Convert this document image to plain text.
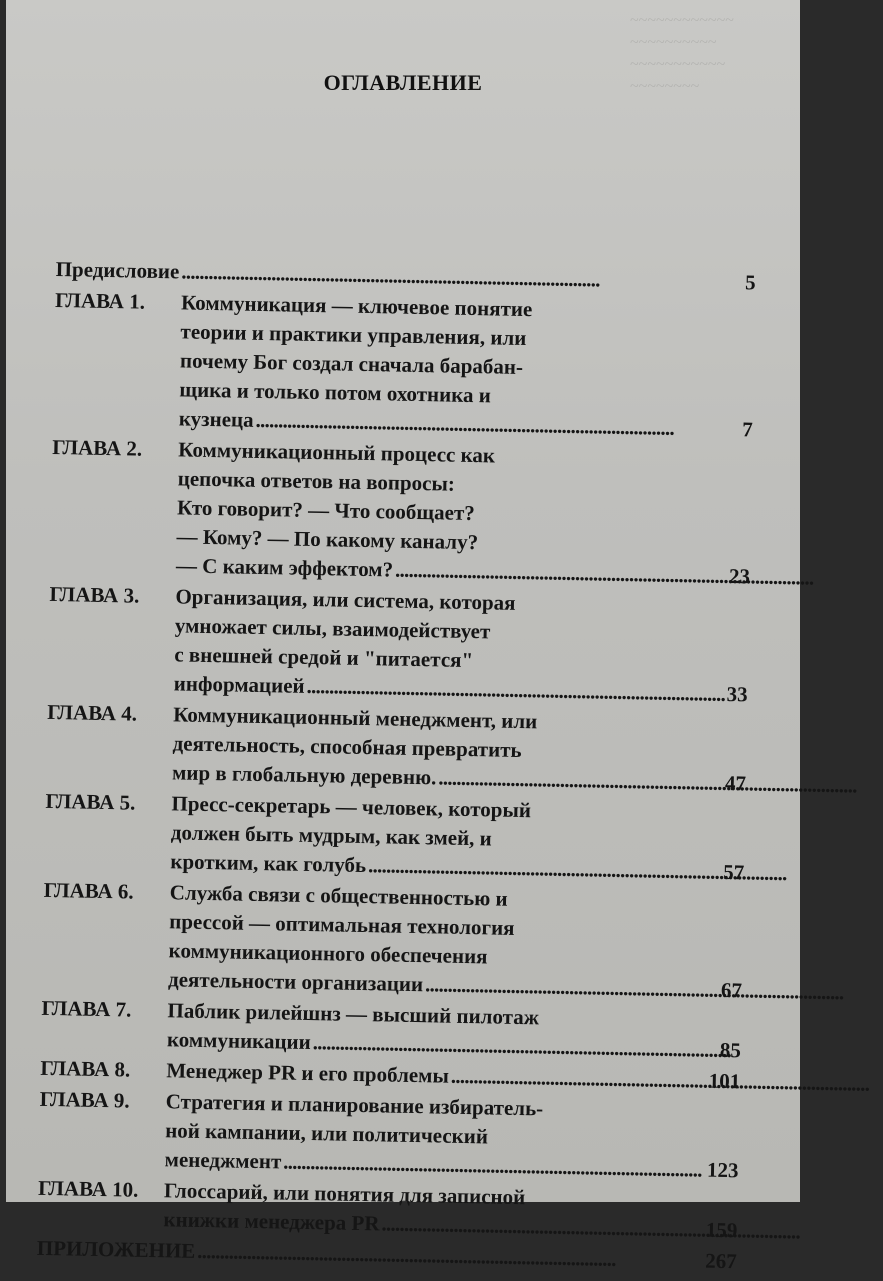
~~~~~~~~~~~~
~~~~~~~~~~
~~~~~~~~~~~
~~~~~~~~
ОГЛАВЛЕНИЕ
Предисловие . . .	5
ГЛАВА 1.	Коммуникация — ключевое понятие
теории и практики управления, или
почему Бог создал сначала барабан-
щика и только потом охотника и
кузнеца . . .	7
ГЛАВА 2.	Коммуникационный процесс как
цепочка ответов на вопросы:
Кто говорит? — Что сообщает?
— Кому? — По какому каналу?
— С каким эффектом? . . .	23
ГЛАВА 3.	Организация, или система, которая
умножает силы, взаимодействует
с внешней средой и "питается"
информацией . . .	33
ГЛАВА 4.	Коммуникационный менеджмент, или
деятельность, способная превратить
мир в глобальную деревню. . . .	47
ГЛАВА 5.	Пресс-секретарь — человек, который
должен быть мудрым, как змей, и
кротким, как голубь . . .	57
ГЛАВА 6.	Служба связи с общественностью и
прессой — оптимальная технология
коммуникационного обеспечения
деятельности организации . . .	67
ГЛАВА 7.	Паблик рилейшнз — высший пилотаж
коммуникации . . .	85
ГЛАВА 8.	Менеджер PR и его проблемы . . .	101
ГЛАВА 9.	Стратегия и планирование избиратель-
ной кампании, или политический
менеджмент . . .	123
ГЛАВА 10.	Глоссарий, или понятия для записной
книжки менеджера PR . . .	159
ПРИЛОЖЕНИЕ . . .	267
